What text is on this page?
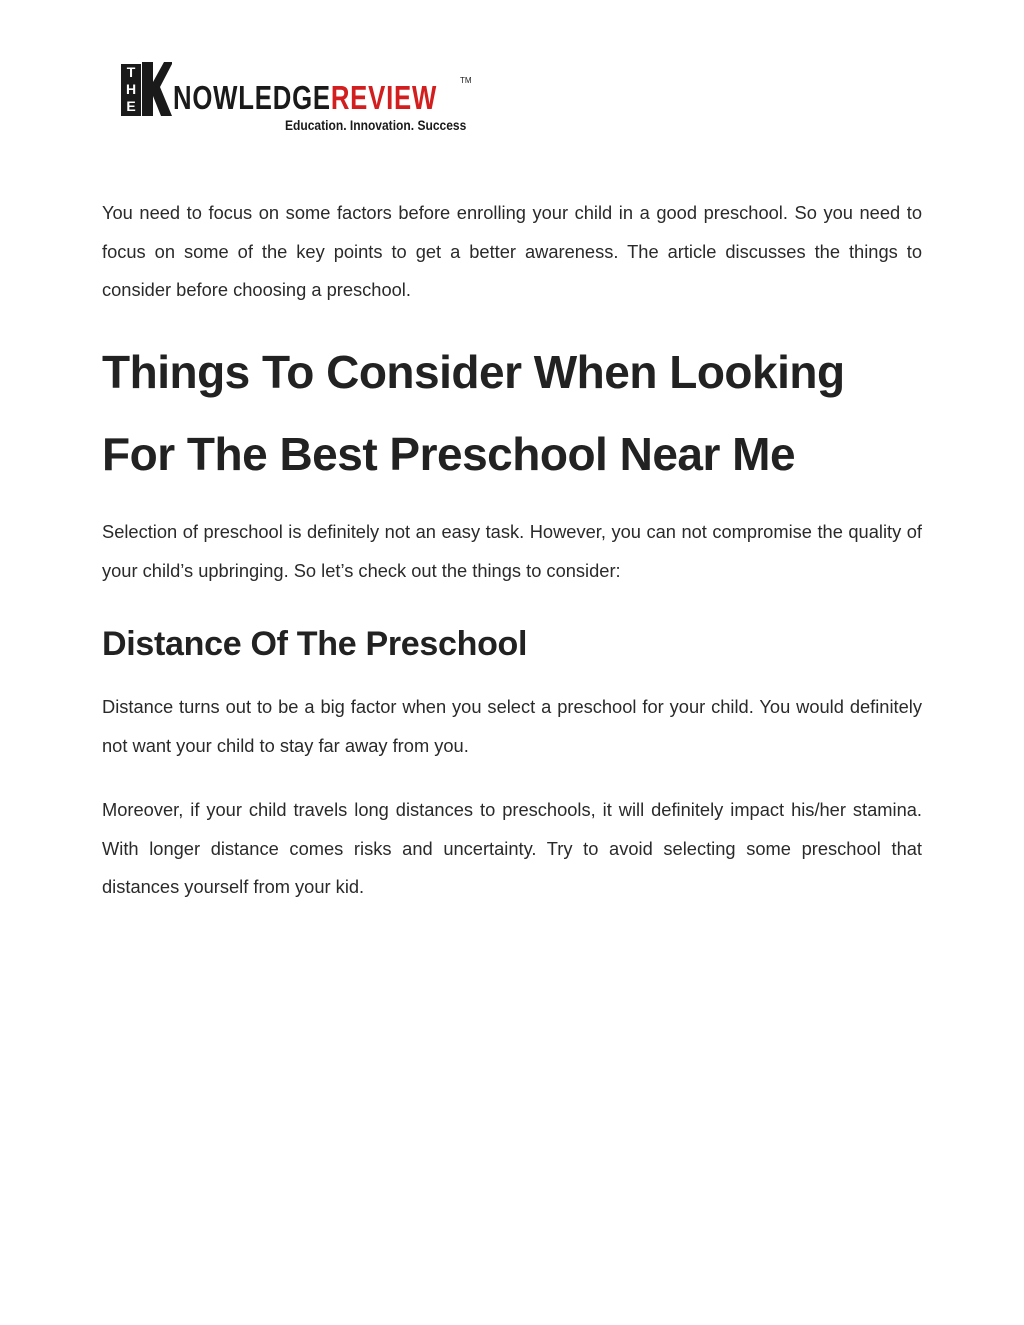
T
H
E NOWLEDGEREVIEW	TM
Education. Innovation. Success

You need to focus on some factors before enrolling your child in a good preschool. So you need to focus on some of the key points to get a better awareness. The article discusses the things to consider before choosing a preschool.

Things To Consider When Looking For The Best Preschool Near Me

Selection of preschool is definitely not an easy task. However, you can not compromise the quality of your child’s upbringing. So let’s check out the things to consider:

Distance Of The Preschool

Distance turns out to be a big factor when you select a preschool for your child. You would definitely not want your child to stay far away from you.

Moreover, if your child travels long distances to preschools, it will definitely impact his/her stamina. With longer distance comes risks and uncertainty. Try to avoid selecting some preschool that distances yourself from your kid.
